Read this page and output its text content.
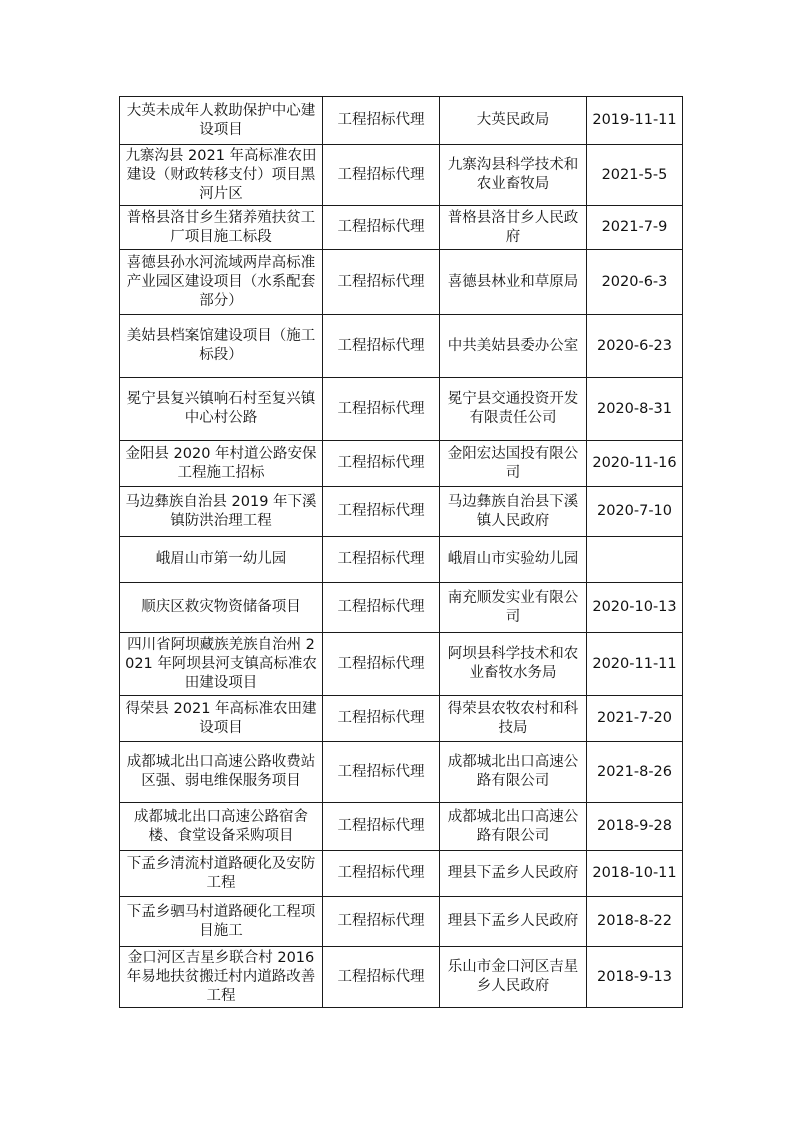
大英未成年人救助保护中心建设项目	工程招标代理	大英民政局	2019-11-11
九寨沟县 2021 年高标准农田建设（财政转移支付）项目黑河片区	工程招标代理	九寨沟县科学技术和农业畜牧局	2021-5-5
普格县洛甘乡生猪养殖扶贫工厂项目施工标段	工程招标代理	普格县洛甘乡人民政府	2021-7-9
喜德县孙水河流域两岸高标准产业园区建设项目（水系配套部分）	工程招标代理	喜德县林业和草原局	2020-6-3
美姑县档案馆建设项目（施工标段）	工程招标代理	中共美姑县委办公室	2020-6-23
冕宁县复兴镇响石村至复兴镇中心村公路	工程招标代理	冕宁县交通投资开发有限责任公司	2020-8-31
金阳县 2020 年村道公路安保工程施工招标	工程招标代理	金阳宏达国投有限公司	2020-11-16
马边彝族自治县 2019 年下溪镇防洪治理工程	工程招标代理	马边彝族自治县下溪镇人民政府	2020-7-10
峨眉山市第一幼儿园	工程招标代理	峨眉山市实验幼儿园	
顺庆区救灾物资储备项目	工程招标代理	南充顺发实业有限公司	2020-10-13
四川省阿坝藏族羌族自治州 2021 年阿坝县河支镇高标准农田建设项目	工程招标代理	阿坝县科学技术和农业畜牧水务局	2020-11-11
得荣县 2021 年高标准农田建设项目	工程招标代理	得荣县农牧农村和科技局	2021-7-20
成都城北出口高速公路收费站区强、弱电维保服务项目	工程招标代理	成都城北出口高速公路有限公司	2021-8-26
成都城北出口高速公路宿舍楼、食堂设备采购项目	工程招标代理	成都城北出口高速公路有限公司	2018-9-28
下孟乡清流村道路硬化及安防工程	工程招标代理	理县下孟乡人民政府	2018-10-11
下孟乡驷马村道路硬化工程项目施工	工程招标代理	理县下孟乡人民政府	2018-8-22
金口河区吉星乡联合村 2016 年易地扶贫搬迁村内道路改善工程	工程招标代理	乐山市金口河区吉星乡人民政府	2018-9-13
